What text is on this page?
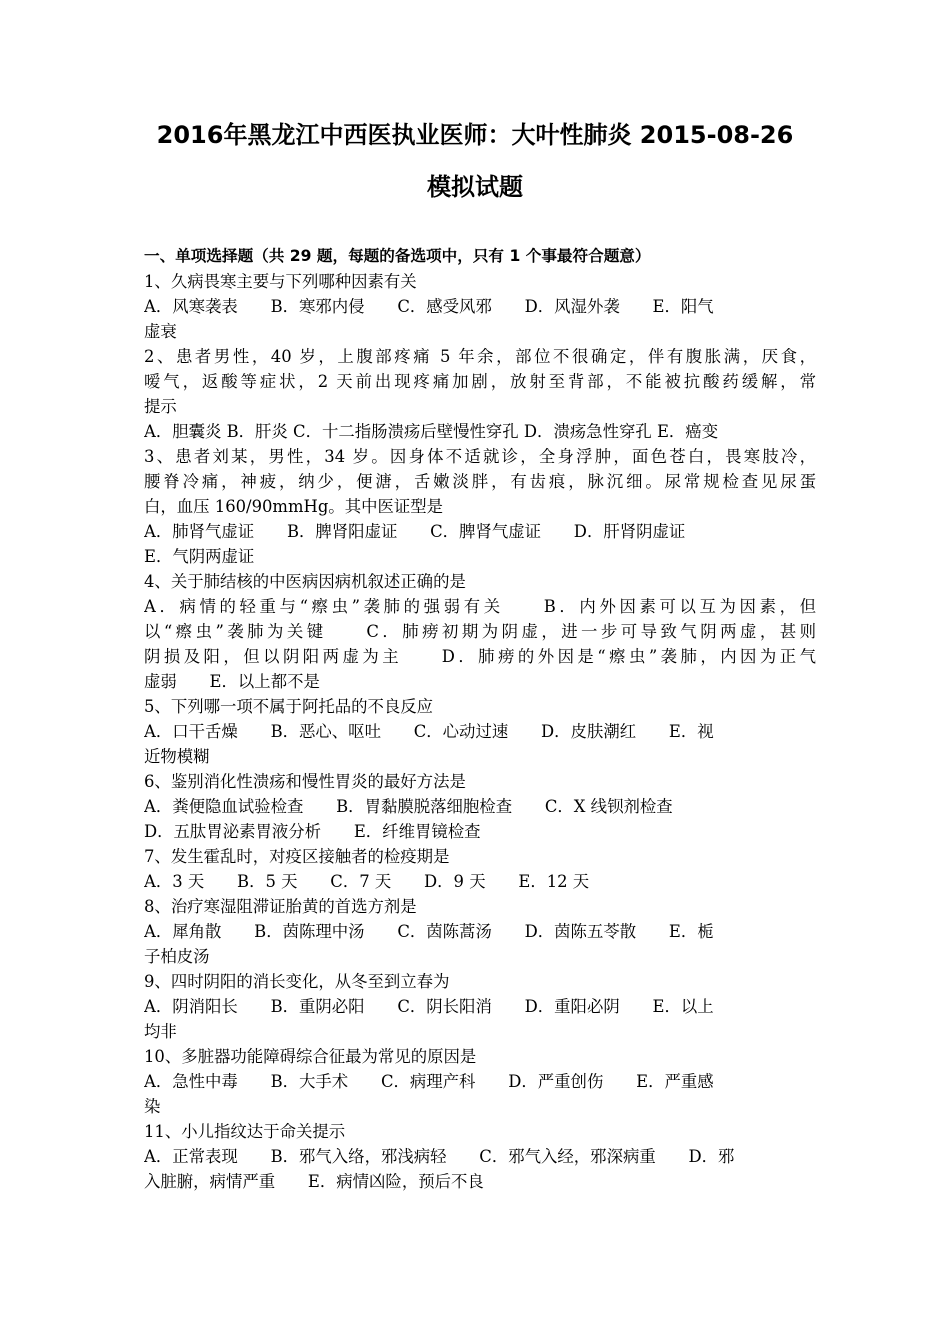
2016年黑龙江中西医执业医师：大叶性肺炎 2015-08-26
模拟试题
一、单项选择题（共 29 题，每题的备选项中，只有 1 个事最符合题意）
1、久病畏寒主要与下列哪种因素有关
A．风寒袭表　　B．寒邪内侵　　C．感受风邪　　D．风湿外袭　　E．阳气
虚衰
2、患者男性，40 岁，上腹部疼痛 5 年余，部位不很确定，伴有腹胀满，厌食，
嗳气，返酸等症状，2 天前出现疼痛加剧，放射至背部，不能被抗酸药缓解，常
提示
A．胆囊炎 B．肝炎 C．十二指肠溃疡后壁慢性穿孔 D．溃疡急性穿孔 E．癌变
3、患者刘某，男性，34 岁。因身体不适就诊，全身浮肿，面色苍白，畏寒肢冷，
腰脊冷痛，神疲，纳少，便溏，舌嫩淡胖，有齿痕，脉沉细。尿常规检查见尿蛋
白，血压 160/90mmHg。其中医证型是
A．肺肾气虚证　　B．脾肾阳虚证　　C．脾肾气虚证　　D．肝肾阴虚证
E．气阴两虚证
4、关于肺结核的中医病因病机叙述正确的是
A．病情的轻重与“瘵虫”袭肺的强弱有关　　B．内外因素可以互为因素，但
以“瘵虫”袭肺为关键　　C．肺痨初期为阴虚，进一步可导致气阴两虚，甚则
阴损及阳，但以阴阳两虚为主　　D．肺痨的外因是“瘵虫”袭肺，内因为正气
虚弱　　E．以上都不是
5、下列哪一项不属于阿托品的不良反应
A．口干舌燥　　B．恶心、呕吐　　C．心动过速　　D．皮肤潮红　　E．视
近物模糊
6、鉴别消化性溃疡和慢性胃炎的最好方法是
A．粪便隐血试验检查　　B．胃黏膜脱落细胞检查　　C．X 线钡剂检查
D．五肽胃泌素胃液分析　　E．纤维胃镜检查
7、发生霍乱时，对疫区接触者的检疫期是
A．3 天　　B．5 天　　C．7 天　　D．9 天　　E．12 天
8、治疗寒湿阻滞证胎黄的首选方剂是
A．犀角散　　B．茵陈理中汤　　C．茵陈蒿汤　　D．茵陈五苓散　　E．栀
子柏皮汤
9、四时阴阳的消长变化，从冬至到立春为
A．阴消阳长　　B．重阴必阳　　C．阴长阳消　　D．重阳必阴　　E．以上
均非
10、多脏器功能障碍综合征最为常见的原因是
A．急性中毒　　B．大手术　　C．病理产科　　D．严重创伤　　E．严重感
染
11、小儿指纹达于命关提示
A．正常表现　　B．邪气入络，邪浅病轻　　C．邪气入经，邪深病重　　D．邪
入脏腑，病情严重　　E．病情凶险，预后不良
